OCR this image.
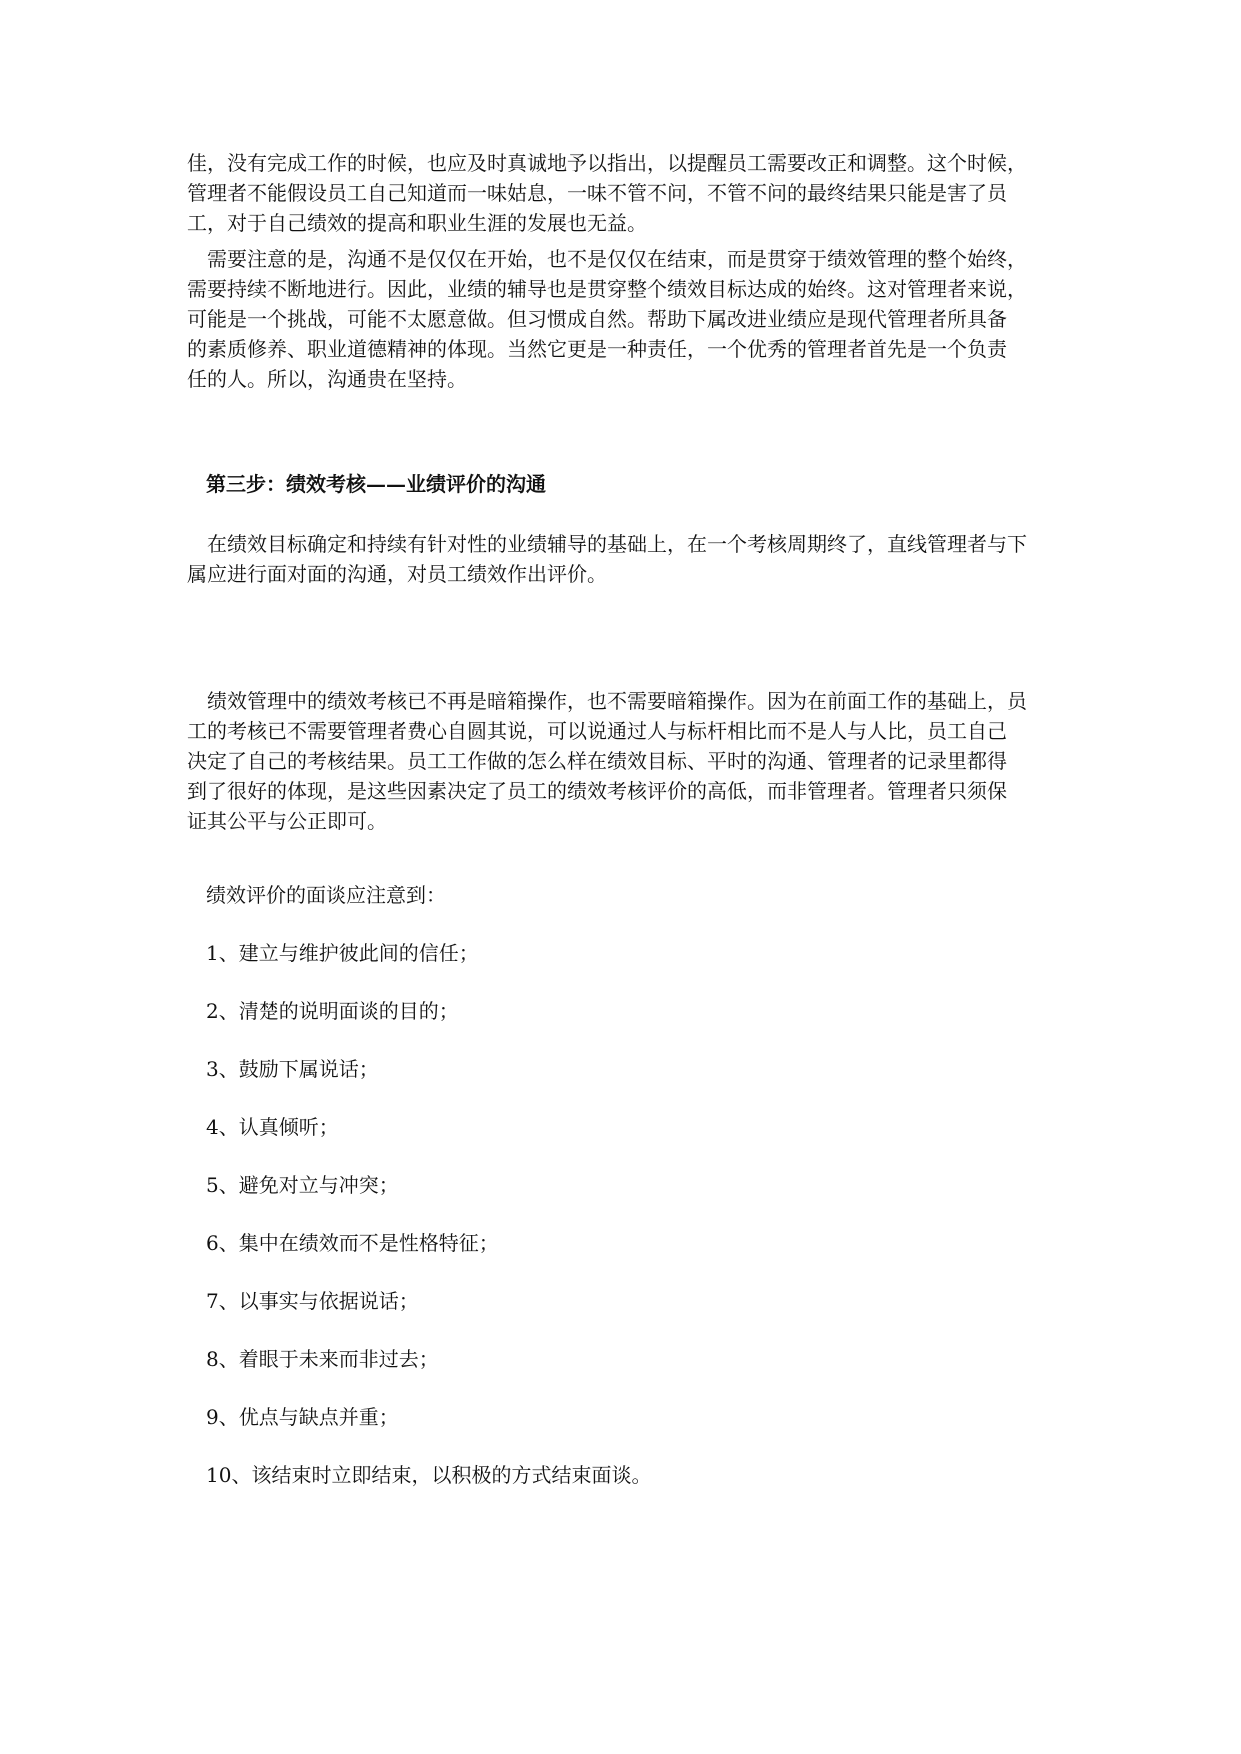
佳，没有完成工作的时候，也应及时真诚地予以指出，以提醒员工需要改正和调整。这个时候，
管理者不能假设员工自己知道而一味姑息，一味不管不问，不管不问的最终结果只能是害了员
工，对于自己绩效的提高和职业生涯的发展也无益。
　需要注意的是，沟通不是仅仅在开始，也不是仅仅在结束，而是贯穿于绩效管理的整个始终，
需要持续不断地进行。因此，业绩的辅导也是贯穿整个绩效目标达成的始终。这对管理者来说，
可能是一个挑战，可能不太愿意做。但习惯成自然。帮助下属改进业绩应是现代管理者所具备
的素质修养、职业道德精神的体现。当然它更是一种责任，一个优秀的管理者首先是一个负责
任的人。所以，沟通贵在坚持。
第三步：绩效考核——业绩评价的沟通
　在绩效目标确定和持续有针对性的业绩辅导的基础上，在一个考核周期终了，直线管理者与下
属应进行面对面的沟通，对员工绩效作出评价。
　绩效管理中的绩效考核已不再是暗箱操作，也不需要暗箱操作。因为在前面工作的基础上，员
工的考核已不需要管理者费心自圆其说，可以说通过人与标杆相比而不是人与人比，员工自己
决定了自己的考核结果。员工工作做的怎么样在绩效目标、平时的沟通、管理者的记录里都得
到了很好的体现，是这些因素决定了员工的绩效考核评价的高低，而非管理者。管理者只须保
证其公平与公正即可。
绩效评价的面谈应注意到：
1、建立与维护彼此间的信任；
2、清楚的说明面谈的目的；
3、鼓励下属说话；
4、认真倾听；
5、避免对立与冲突；
6、集中在绩效而不是性格特征；
7、以事实与依据说话；
8、着眼于未来而非过去；
9、优点与缺点并重；
10、该结束时立即结束，以积极的方式结束面谈。
